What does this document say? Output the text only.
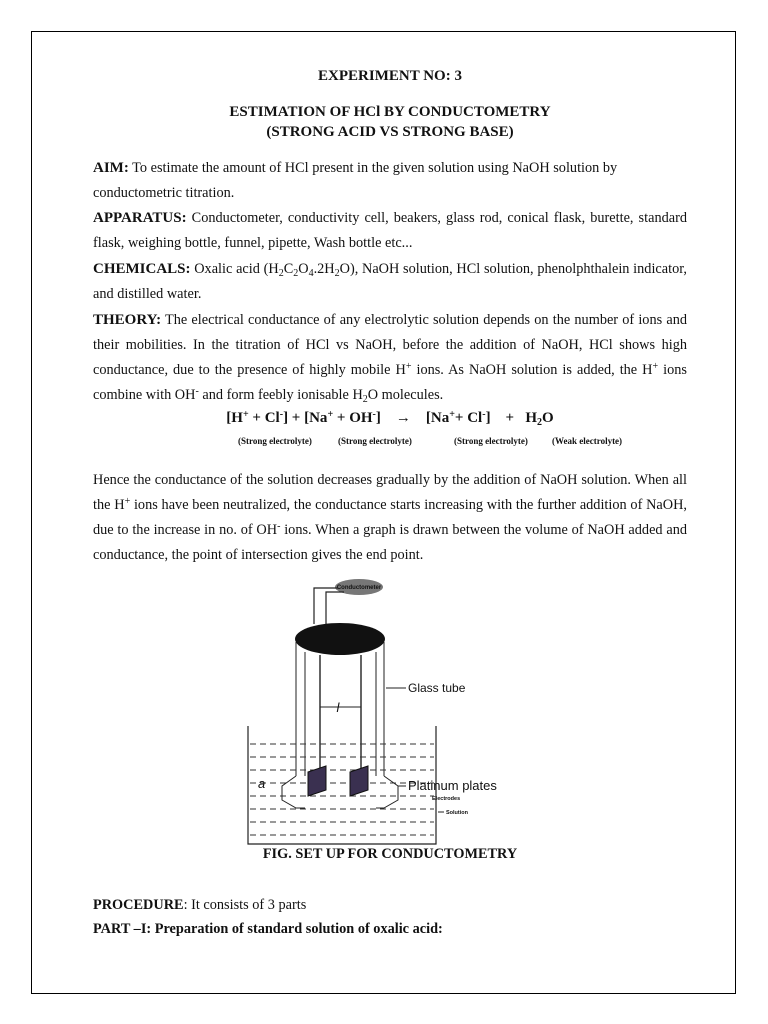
EXPERIMENT NO: 3
ESTIMATION OF HCl BY CONDUCTOMETRY
(STRONG ACID VS STRONG BASE)
AIM: To estimate the amount of HCl present in the given solution using NaOH solution by
conductometric titration.
APPARATUS: Conductometer, conductivity cell, beakers, glass rod, conical flask, burette, standard flask, weighing bottle, funnel, pipette, Wash bottle etc...
CHEMICALS: Oxalic acid $(H_2C_2O_4.2H_2O)$, NaOH solution, HCl solution, phenolphthalein indicator, and distilled water.
THEORY: The electrical conductance of any electrolytic solution depends on the number of ions and their mobilities. In the titration of HCl vs NaOH, before the addition of NaOH, HCl shows high conductance, due to the presence of highly mobile H+ ions. As NaOH solution is added, the H+ ions combine with OH- and form feebly ionisable $H_2O$ molecules.
[H+ + Cl-] + [Na+ + OH-]    →    [Na++ Cl-]    +   $H_2O$
(Strong electrolyte)	(Strong electrolyte)	(Strong electrolyte)	(Weak electrolyte)
Hence the conductance of the solution decreases gradually by the addition of NaOH solution. When all the H+ ions have been neutralized, the conductance starts increasing with the further addition of NaOH, due to the increase in no. of OH- ions. When a graph is drawn between the volume of NaOH added and conductance, the point of intersection gives the end point.
Conductometer
l
Glass tube
a	Platinum plates
Electrodes
Solution
FIG. SET UP FOR CONDUCTOMETRY
PROCEDURE: It consists of 3 parts
PART –I: Preparation of standard solution of oxalic acid:
